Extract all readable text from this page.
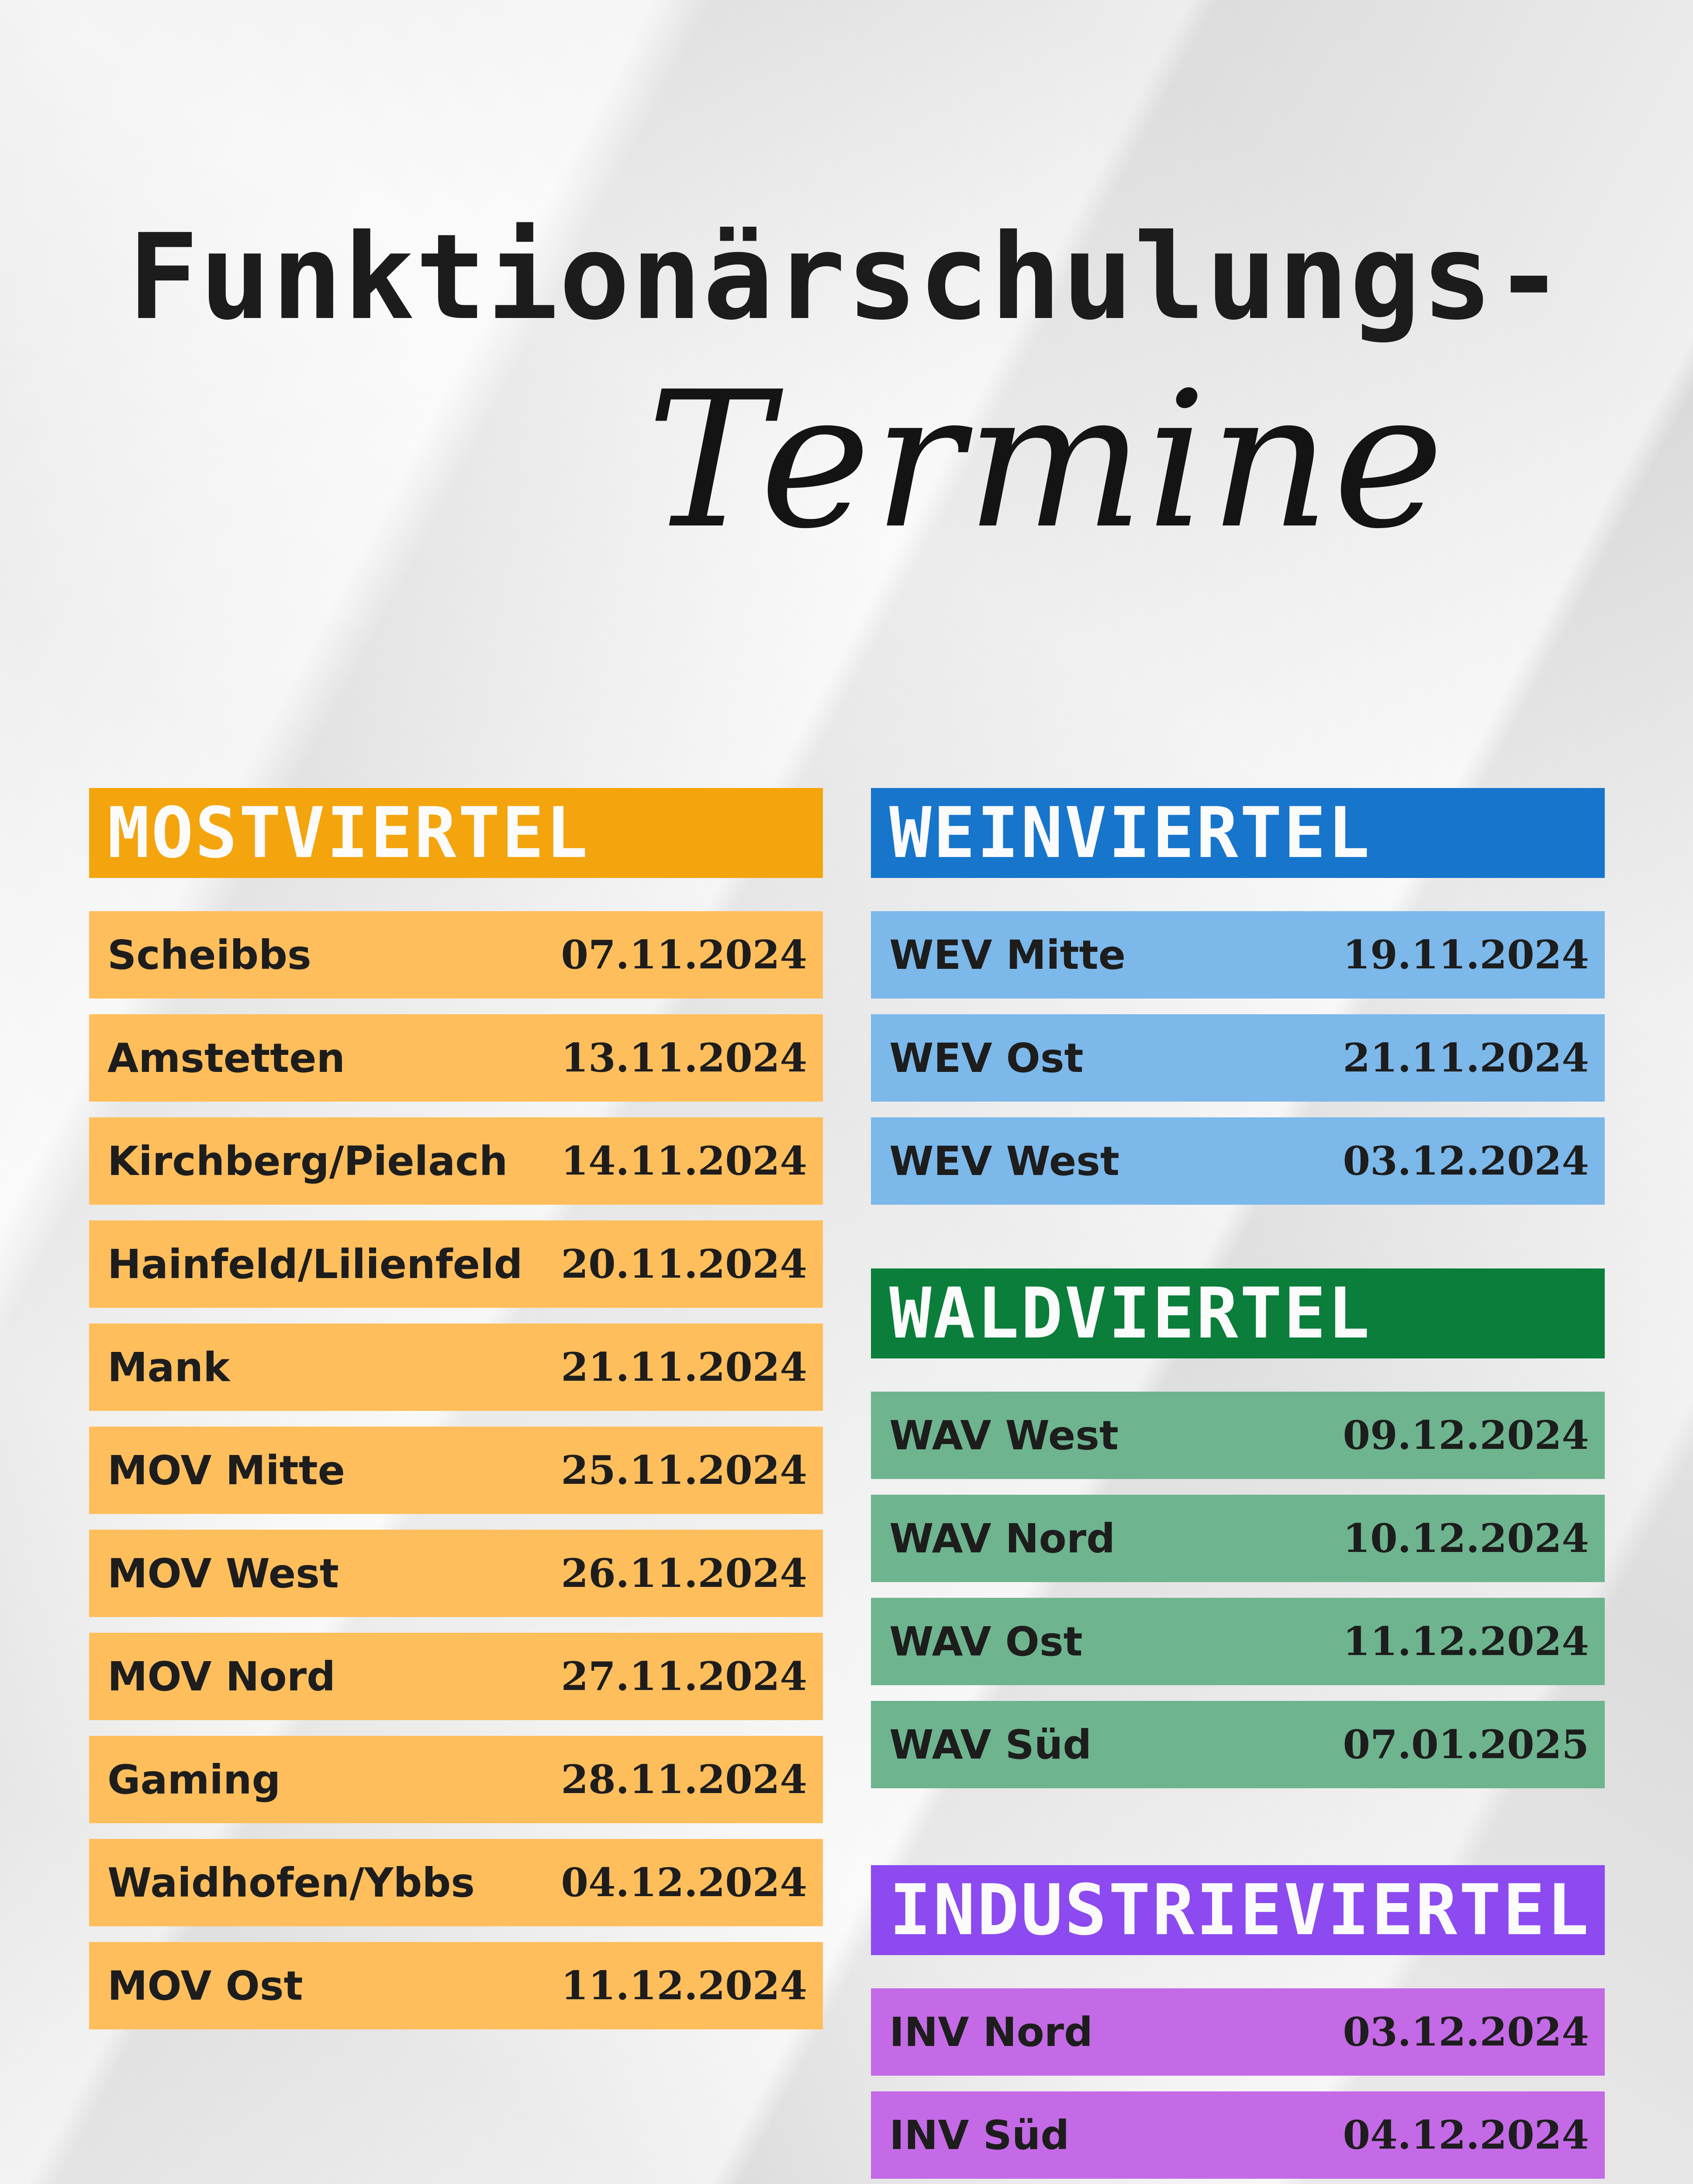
Funktionärschulungs-
Termine
MOSTVIERTEL
Scheibbs	07.11.2024
Amstetten	13.11.2024
Kirchberg/Pielach 14.11.2024
Hainfeld/Lilienfeld 20.11.2024
Mank	21.11.2024
MOV Mitte	25.11.2024
MOV West	26.11.2024
MOV Nord	27.11.2024
Gaming	28.11.2024
Waidhofen/Ybbs 04.12.2024
MOV Ost	11.12.2024
WEINVIERTEL
WEV Mitte	19.11.2024
WEV Ost	21.11.2024
WEV West	03.12.2024
WALDVIERTEL
WAV West	09.12.2024
WAV Nord	10.12.2024
WAV Ost	11.12.2024
WAV Süd	07.01.2025
INDUSTRIEVIERTEL
INV Nord	03.12.2024
INV Süd	04.12.2024
